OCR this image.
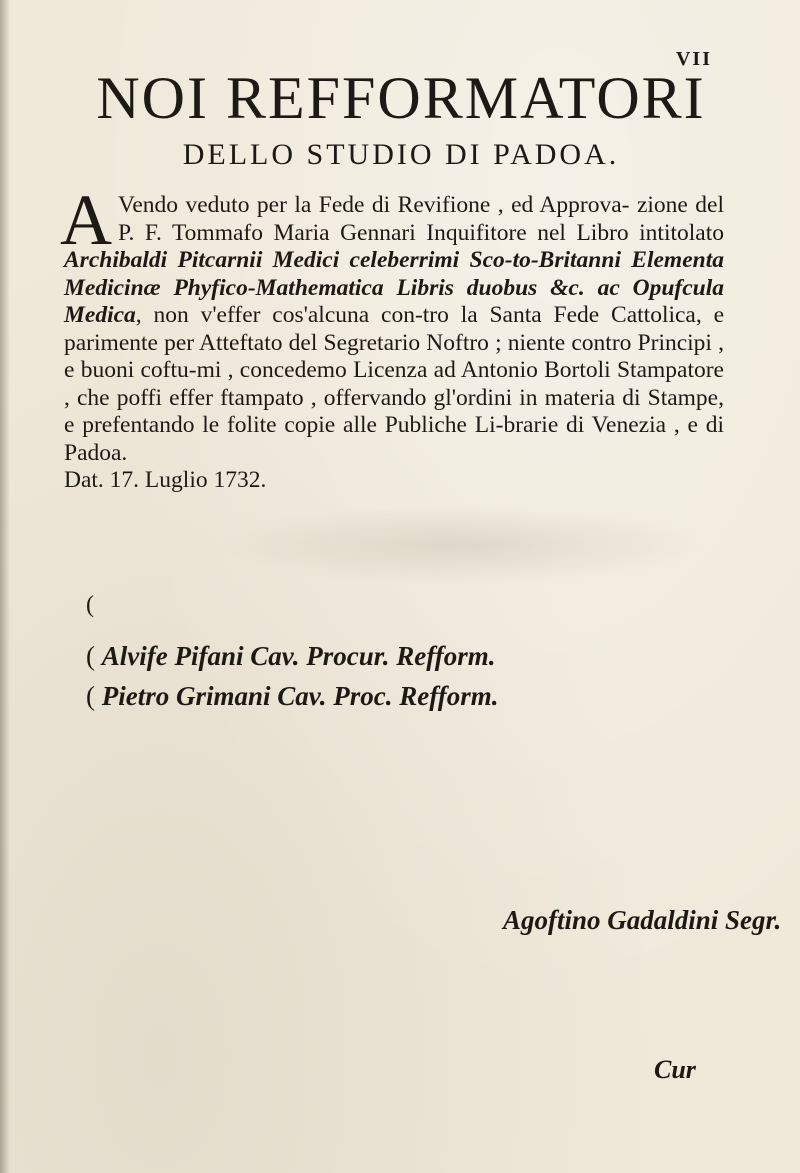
VII
NOI REFFORMATORI
DELLO STUDIO DI PADOA.
A Vendo veduto per la Fede di Revifione , ed Approva- zione del P. F. Tommafo Maria Gennari Inquifitore nel Libro intitolato Archibaldi Pitcarnii Medici celeberrimi Sco-to-Britanni Elementa Medicinæ Phyfico-Mathematica Libris duobus &c. ac Opufcula Medica, non v'effer cos'alcuna con-tro la Santa Fede Cattolica, e parimente per Atteftato del Segretario Noftro ; niente contro Principi , e buoni coftu-mi , concedemo Licenza ad Antonio Bortoli Stampatore , che poffi effer ftampato , offervando gl'ordini in materia di Stampe, e prefentando le folite copie alle Publiche Li-brarie di Venezia , e di Padoa.
Dat. 17. Luglio 1732.
(
( Alvife Pifani Cav. Procur. Refform.
( Pietro Grimani Cav. Proc. Refform.
Agoftino Gadaldini Segr.
Cur
